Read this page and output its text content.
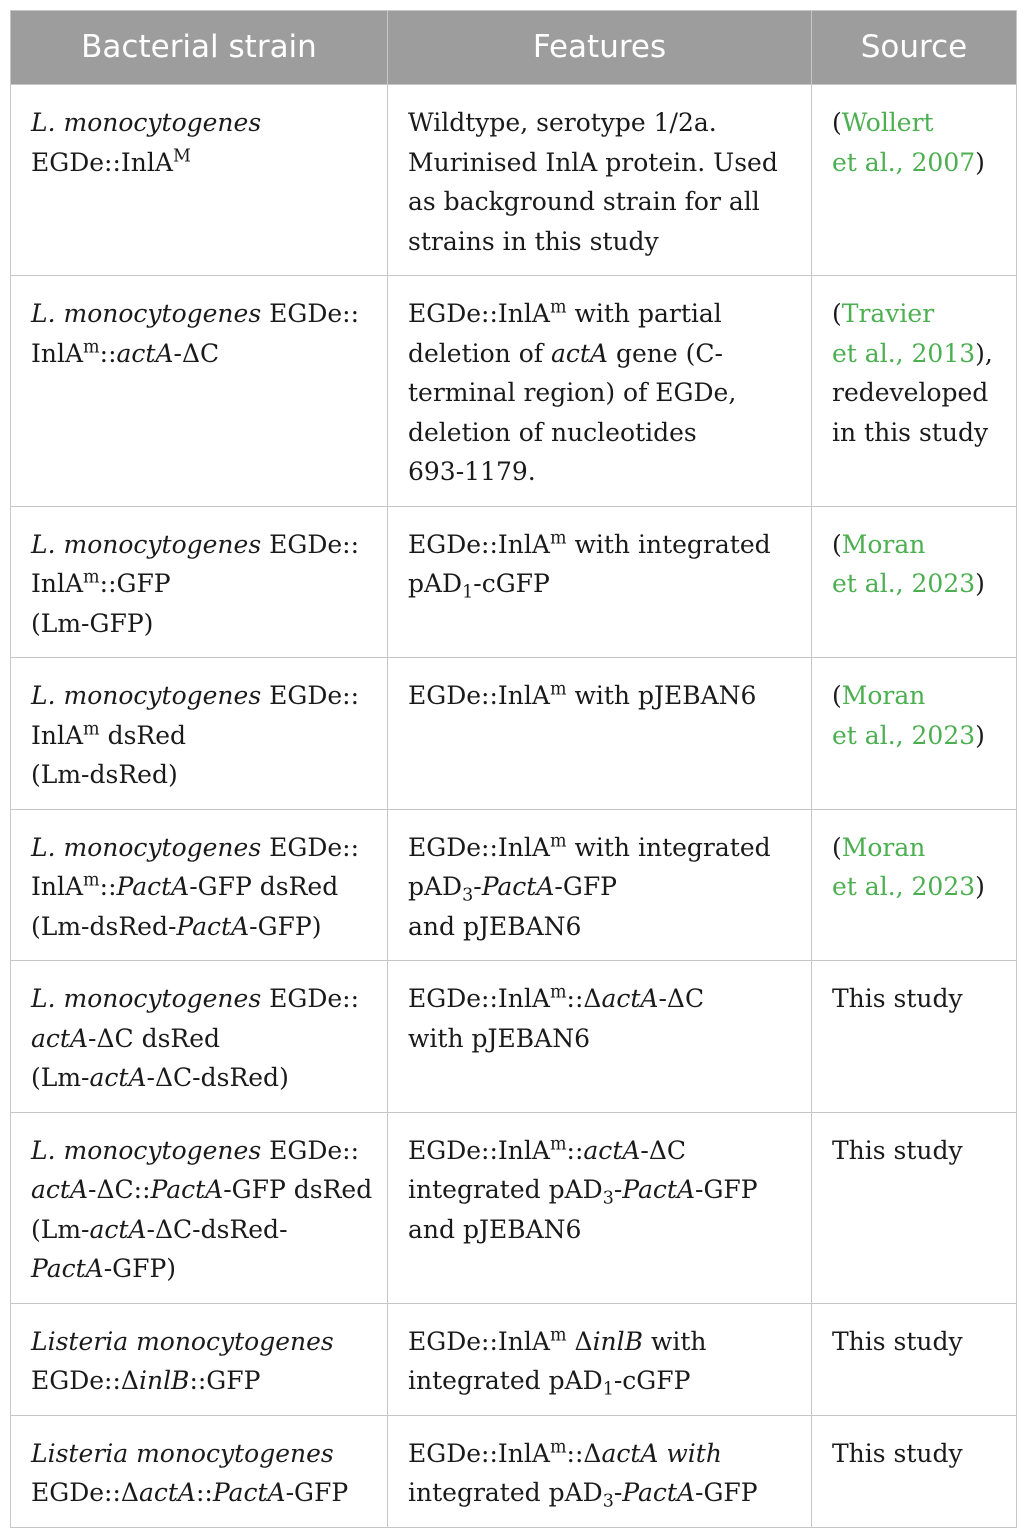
Bacterial strain	Features	Source

L. monocytogenes
EGDe::InlA$^M$	Wildtype, serotype 1/2a. Murinised InlA protein. Used as background strain for all strains in this study	(Wollert
et al., 2007)

L. monocytogenes EGDe::
InlA$^m$::actA-ΔC	EGDe::InlA$^m$ with partial
deletion of actA gene (C-
terminal region) of EGDe,
deletion of nucleotides
693-1179.	(Travier
et al., 2013),
redeveloped
in this study

L. monocytogenes EGDe::
InlA$^m$::GFP
(Lm-GFP)	EGDe::InlA$^m$ with integrated
pAD$_1$-cGFP	(Moran
et al., 2023)

L. monocytogenes EGDe::
InlA$^m$ dsRed
(Lm-dsRed)	EGDe::InlA$^m$ with pJEBAN6	(Moran
et al., 2023)

L. monocytogenes EGDe::
InlA$^m$::PactA-GFP dsRed
(Lm-dsRed-PactA-GFP)	EGDe::InlA$^m$ with integrated
pAD$_3$-PactA-GFP
and pJEBAN6	(Moran
et al., 2023)

L. monocytogenes EGDe::
actA-ΔC dsRed
(Lm-actA-ΔC-dsRed)	EGDe::InlA$^m$::ΔactA-ΔC
with pJEBAN6	This study

L. monocytogenes EGDe::
actA-ΔC::PactA-GFP dsRed
(Lm-actA-ΔC-dsRed-
PactA-GFP)	EGDe::InlA$^m$::actA-ΔC
integrated pAD$_3$-PactA-GFP
and pJEBAN6	This study

Listeria monocytogenes
EGDe::ΔinlB::GFP	EGDe::InlA$^m$ ΔinlB with
integrated pAD$_1$-cGFP	This study

Listeria monocytogenes
EGDe::ΔactA::PactA-GFP	EGDe::InlA$^m$::ΔactA with
integrated pAD$_3$-PactA-GFP	This study
